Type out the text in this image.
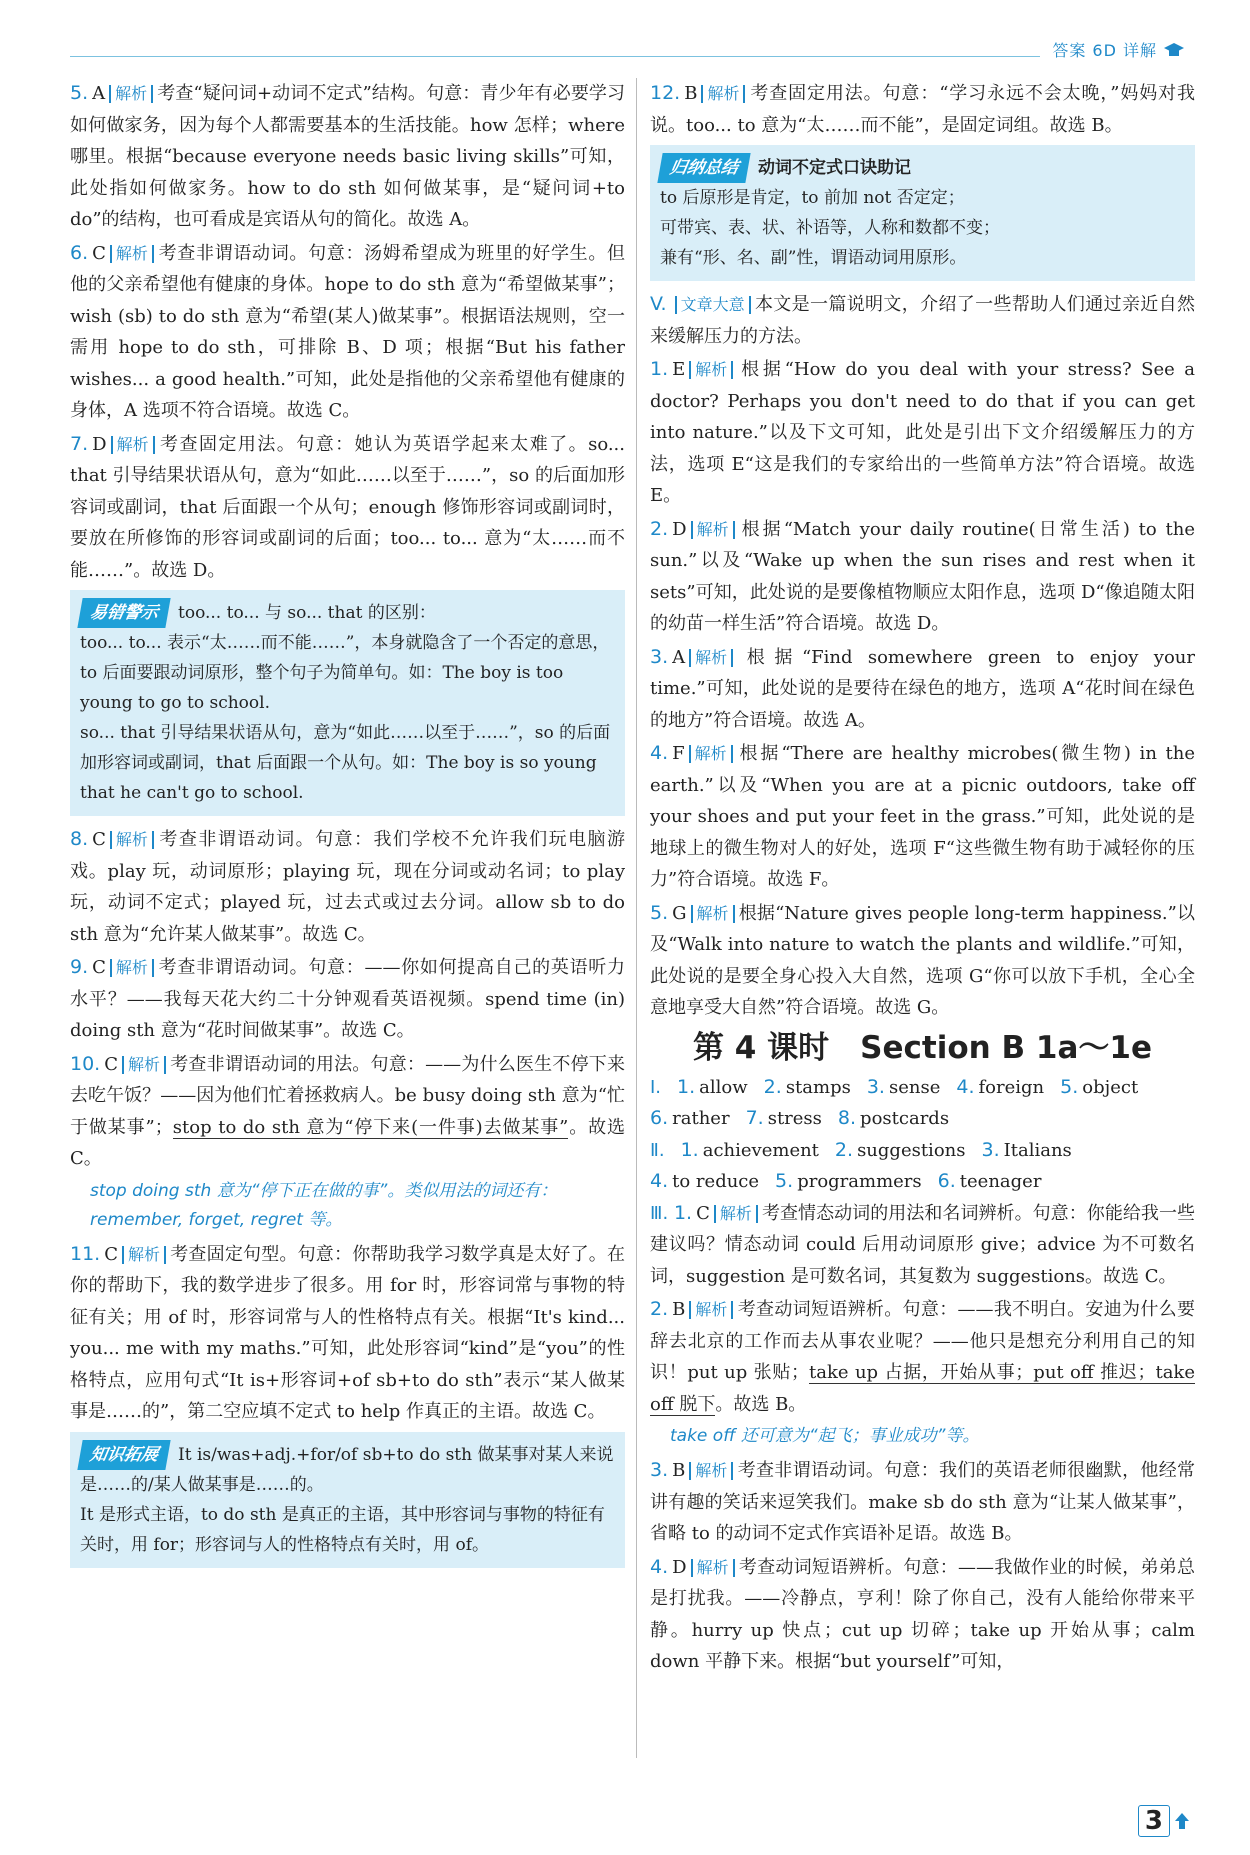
答案 6D 详解

5. A 解析 考查“疑问词+动词不定式”结构。句意：青少年有必要学习如何做家务，因为每个人都需要基本的生活技能。how 怎样；where 哪里。根据“because everyone needs basic living skills”可知，此处指如何做家务。how to do sth 如何做某事，是“疑问词+to do”的结构，也可看成是宾语从句的简化。故选 A。

6. C 解析 考查非谓语动词。句意：汤姆希望成为班里的好学生。但他的父亲希望他有健康的身体。hope to do sth 意为“希望做某事”；wish (sb) to do sth 意为“希望(某人)做某事”。根据语法规则，空一需用 hope to do sth，可排除 B、D 项；根据“But his father wishes... a good health.”可知，此处是指他的父亲希望他有健康的身体，A 选项不符合语境。故选 C。

7. D 解析 考查固定用法。句意：她认为英语学起来太难了。so... that 引导结果状语从句，意为“如此……以至于……”，so 的后面加形容词或副词，that 后面跟一个从句；enough 修饰形容词或副词时，要放在所修饰的形容词或副词的后面；too... to... 意为“太……而不能……”。故选 D。

易错警示 too... to... 与 so... that 的区别：

too... to... 表示“太……而不能……”，本身就隐含了一个否定的意思，to 后面要跟动词原形，整个句子为简单句。如：The boy is too young to go to school.

so... that 引导结果状语从句，意为“如此……以至于……”，so 的后面加形容词或副词，that 后面跟一个从句。如：The boy is so young that he can't go to school.

8. C 解析 考查非谓语动词。句意：我们学校不允许我们玩电脑游戏。play 玩，动词原形；playing 玩，现在分词或动名词；to play 玩，动词不定式；played 玩，过去式或过去分词。allow sb to do sth 意为“允许某人做某事”。故选 C。

9. C 解析 考查非谓语动词。句意：——你如何提高自己的英语听力水平？——我每天花大约二十分钟观看英语视频。spend time (in) doing sth 意为“花时间做某事”。故选 C。

10. C 解析 考查非谓语动词的用法。句意：——为什么医生不停下来去吃午饭？——因为他们忙着拯救病人。be busy doing sth 意为“忙于做某事”；stop to do sth 意为“停下来(一件事)去做某事”。故选 C。

stop doing sth 意为“停下正在做的事”。类似用法的词还有：remember, forget, regret 等。

11. C 解析 考查固定句型。句意：你帮助我学习数学真是太好了。在你的帮助下，我的数学进步了很多。用 for 时，形容词常与事物的特征有关；用 of 时，形容词常与人的性格特点有关。根据“It's kind... you... me with my maths.”可知，此处形容词“kind”是“you”的性格特点，应用句式“It is+形容词+of sb+to do sth”表示“某人做某事是……的”，第二空应填不定式 to help 作真正的主语。故选 C。

知识拓展 It is/was+adj.+for/of sb+to do sth 做某事对某人来说是……的/某人做某事是……的。

It 是形式主语，to do sth 是真正的主语，其中形容词与事物的特征有关时，用 for；形容词与人的性格特点有关时，用 of。

12. B 解析 考查固定用法。句意：“学习永远不会太晚，”妈妈对我说。too... to 意为“太……而不能”，是固定词组。故选 B。

归纳总结 动词不定式口诀助记

to 后原形是肯定，to 前加 not 否定定；

可带宾、表、状、补语等，人称和数都不变；

兼有“形、名、副”性，谓语动词用原形。

V. 文章大意 本文是一篇说明文，介绍了一些帮助人们通过亲近自然来缓解压力的方法。

1. E 解析 根据“How do you deal with your stress? See a doctor? Perhaps you don't need to do that if you can get into nature.”以及下文可知，此处是引出下文介绍缓解压力的方法，选项 E“这是我们的专家给出的一些简单方法”符合语境。故选 E。

2. D 解析 根据“Match your daily routine(日常生活) to the sun.”以及“Wake up when the sun rises and rest when it sets”可知，此处说的是要像植物顺应太阳作息，选项 D“像追随太阳的幼苗一样生活”符合语境。故选 D。

3. A 解析 根据“Find somewhere green to enjoy your time.”可知，此处说的是要待在绿色的地方，选项 A“花时间在绿色的地方”符合语境。故选 A。

4. F 解析 根据“There are healthy microbes(微生物) in the earth.”以及“When you are at a picnic outdoors, take off your shoes and put your feet in the grass.”可知，此处说的是地球上的微生物对人的好处，选项 F“这些微生物有助于减轻你的压力”符合语境。故选 F。

5. G 解析 根据“Nature gives people long-term happiness.”以及“Walk into nature to watch the plants and wildlife.”可知，此处说的是要全身心投入大自然，选项 G“你可以放下手机，全心全意地享受大自然”符合语境。故选 G。

第 4 课时　Section B 1a～1e
Ⅰ. 1. allow 2. stamps 3. sense 4. foreign 5. object
6. rather 7. stress 8. postcards
Ⅱ. 1. achievement 2. suggestions 3. Italians
4. to reduce 5. programmers 6. teenager

Ⅲ. 1. C 解析 考查情态动词的用法和名词辨析。句意：你能给我一些建议吗？情态动词 could 后用动词原形 give；advice 为不可数名词，suggestion 是可数名词，其复数为 suggestions。故选 C。

2. B 解析 考查动词短语辨析。句意：——我不明白。安迪为什么要辞去北京的工作而去从事农业呢？——他只是想充分利用自己的知识！put up 张贴；take up 占据，开始从事；put off 推迟；take off 脱下。故选 B。

take off 还可意为“起飞；事业成功”等。

3. B 解析 考查非谓语动词。句意：我们的英语老师很幽默，他经常讲有趣的笑话来逗笑我们。make sb do sth 意为“让某人做某事”，省略 to 的动词不定式作宾语补足语。故选 B。

4. D 解析 考查动词短语辨析。句意：——我做作业的时候，弟弟总是打扰我。——冷静点，亨利！除了你自己，没有人能给你带来平静。hurry up 快点；cut up 切碎；take up 开始从事；calm down 平静下来。根据“but yourself”可知，

3
